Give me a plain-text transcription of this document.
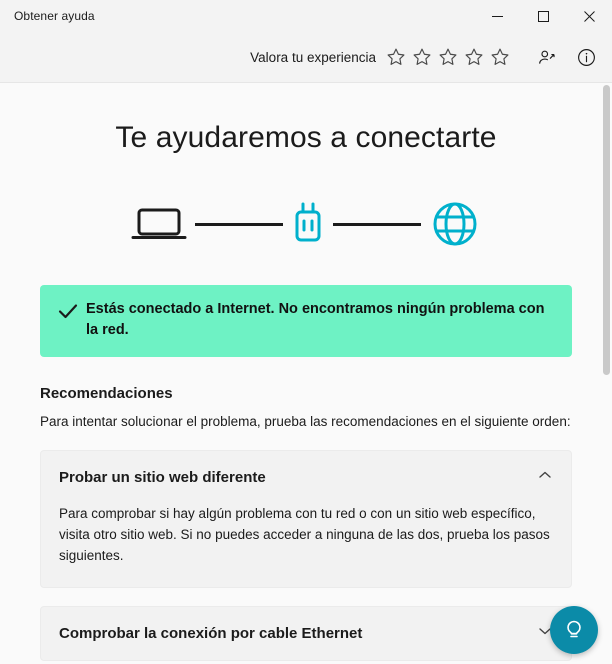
Obtener ayuda
Valora tu experiencia
Te ayudaremos a conectarte
Estás conectado a Internet. No encontramos ningún problema con la red.
Recomendaciones

Para intentar solucionar el problema, prueba las recomendaciones en el siguiente orden:

Probar un sitio web diferente
Para comprobar si hay algún problema con tu red o con un sitio web específico, visita otro sitio web. Si no puedes acceder a ninguna de las dos, prueba los pasos siguientes.
Comprobar la conexión por cable Ethernet
